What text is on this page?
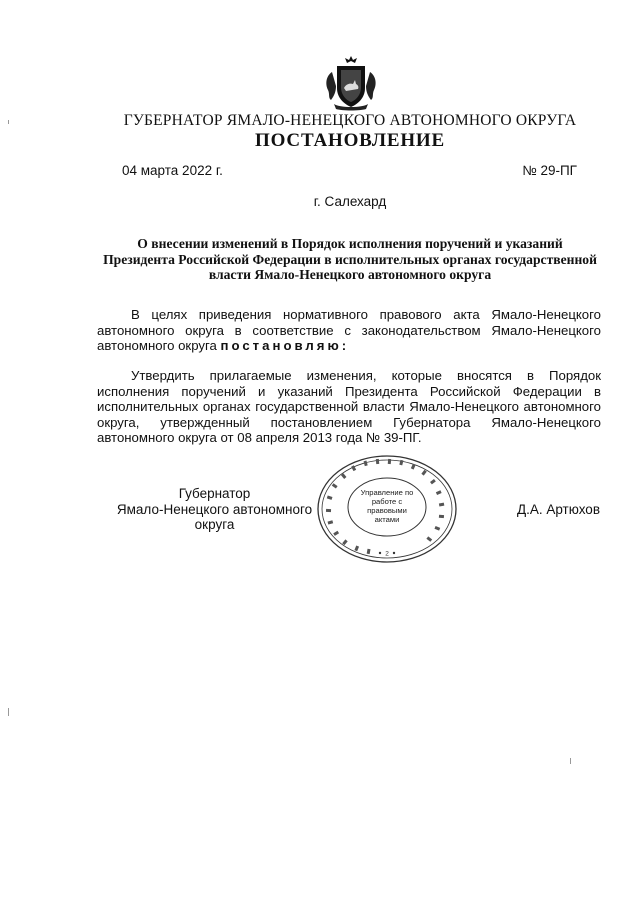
ГУБЕРНАТОР ЯМАЛО-НЕНЕЦКОГО АВТОНОМНОГО ОКРУГА
ПОСТАНОВЛЕНИЕ
04 марта 2022 г.	№ 29-ПГ
г. Салехард
О внесении изменений в Порядок исполнения поручений и указаний Президента Российской Федерации в исполнительных органах государственной власти Ямало-Ненецкого автономного округа
В целях приведения нормативного правового акта Ямало-Ненецкого автономного округа в соответствие с законодательством Ямало-Ненецкого автономного округа постановляю:
Утвердить прилагаемые изменения, которые вносятся в Порядок исполнения поручений и указаний Президента Российской Федерации в исполнительных органах государственной власти Ямало-Ненецкого автономного округа, утвержденный постановлением Губернатора Ямало-Ненецкого автономного округа от 08 апреля 2013 года № 39-ПГ.
Губернатор
Ямало-Ненецкого автономного округа
Д.А. Артюхов
2
Управление по работе с правовыми актами
